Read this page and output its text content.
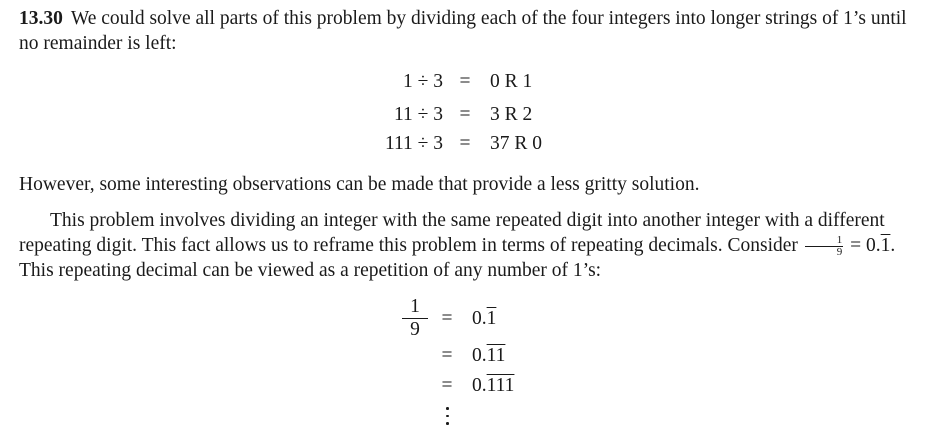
13.30 We could solve all parts of this problem by dividing each of the four integers into longer strings of 1’s until no remainder is left:

1 ÷ 3 = 0 R 1
11 ÷ 3 = 3 R 2
111 ÷ 3 = 37 R 0

However, some interesting observations can be made that provide a less gritty solution.

This problem involves dividing an integer with the same repeated digit into another integer with a different repeating digit. This fact allows us to reframe this problem in terms of repeating decimals. Consider $\frac{1}{9} = 0.1$. This repeating decimal can be viewed as a repetition of any number of 1’s:

$\frac{1}{9} = 0.1$
= 0.11
= 0.111
